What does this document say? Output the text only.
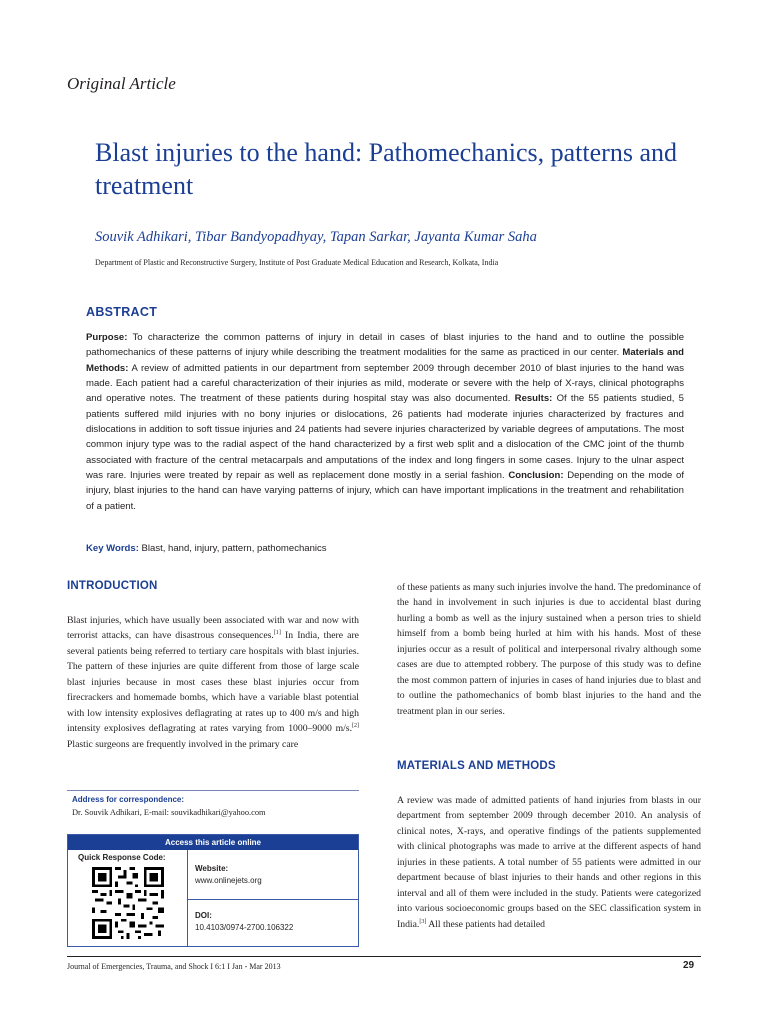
Original Article
Blast injuries to the hand: Pathomechanics, patterns and treatment
Souvik Adhikari, Tibar Bandyopadhyay, Tapan Sarkar, Jayanta Kumar Saha
Department of Plastic and Reconstructive Surgery, Institute of Post Graduate Medical Education and Research, Kolkata, India
ABSTRACT
Purpose: To characterize the common patterns of injury in detail in cases of blast injuries to the hand and to outline the possible pathomechanics of these patterns of injury while describing the treatment modalities for the same as practiced in our center. Materials and Methods: A review of admitted patients in our department from september 2009 through december 2010 of blast injuries to the hand was made. Each patient had a careful characterization of their injuries as mild, moderate or severe with the help of X-rays, clinical photographs and operative notes. The treatment of these patients during hospital stay was also documented. Results: Of the 55 patients studied, 5 patients suffered mild injuries with no bony injuries or dislocations, 26 patients had moderate injuries characterized by fractures and dislocations in addition to soft tissue injuries and 24 patients had severe injuries characterized by variable degrees of amputations. The most common injury type was to the radial aspect of the hand characterized by a first web split and a dislocation of the CMC joint of the thumb associated with fracture of the central metacarpals and amputations of the index and long fingers in some cases. Injury to the ulnar aspect was rare. Injuries were treated by repair as well as replacement done mostly in a serial fashion. Conclusion: Depending on the mode of injury, blast injuries to the hand can have varying patterns of injury, which can have important implications in the treatment and rehabilitation of a patient.
Key Words: Blast, hand, injury, pattern, pathomechanics
INTRODUCTION
Blast injuries, which have usually been associated with war and now with terrorist attacks, can have disastrous consequences.[1] In India, there are several patients being referred to tertiary care hospitals with blast injuries. The pattern of these injuries are quite different from those of large scale blast injuries because in most cases these blast injuries occur from firecrackers and homemade bombs, which have a variable blast potential with low intensity explosives deflagrating at rates up to 400 m/s and high intensity explosives deflagrating at rates varying from 1000–9000 m/s.[2] Plastic surgeons are frequently involved in the primary care
Address for correspondence:
Dr. Souvik Adhikari, E-mail: souvikadhikari@yahoo.com
Access this article online
Quick Response Code:
Website:
www.onlinejets.org
DOI:
10.4103/0974-2700.106322
of these patients as many such injuries involve the hand. The predominance of the hand in involvement in such injuries is due to accidental blast during hurling a bomb as well as the injury sustained when a person tries to shield himself from a bomb being hurled at him with his hands. Most of these injuries occur as a result of political and interpersonal rivalry although some cases are due to attempted robbery. The purpose of this study was to define the most common pattern of injuries in cases of hand injuries due to blast and to outline the pathomechanics of bomb blast injuries to the hand and the treatment plan in our series.
MATERIALS AND METHODS
A review was made of admitted patients of hand injuries from blasts in our department from september 2009 through december 2010. An analysis of clinical notes, X-rays, and operative findings of the patients supplemented with clinical photographs was made to arrive at the different aspects of hand injuries in these patients. A total number of 55 patients were admitted in our department because of blast injuries to their hands and other regions in this interval and all of them were included in the study. Patients were categorized into various socioeconomic groups based on the SEC classification system in India.[3] All these patients had detailed
Journal of Emergencies, Trauma, and Shock I 6:1 I Jan - Mar 2013	29
